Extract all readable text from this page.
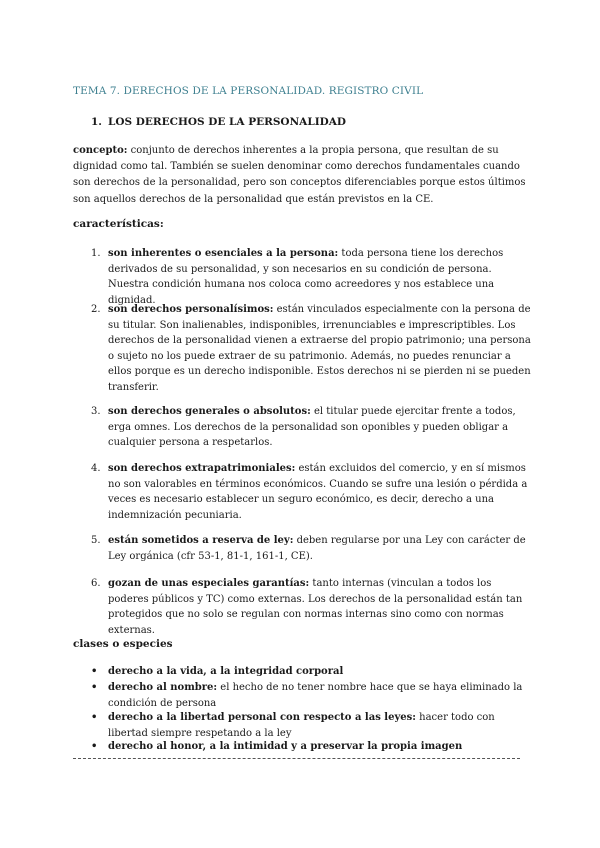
TEMA 7. DERECHOS DE LA PERSONALIDAD. REGISTRO CIVIL
1. LOS DERECHOS DE LA PERSONALIDAD

concepto: conjunto de derechos inherentes a la propia persona, que resultan de su dignidad como tal. También se suelen denominar como derechos fundamentales cuando son derechos de la personalidad, pero son conceptos diferenciables porque estos últimos son aquellos derechos de la personalidad que están previstos en la CE.

características:
1. son inherentes o esenciales a la persona: toda persona tiene los derechos derivados de su personalidad, y son necesarios en su condición de persona. Nuestra condición humana nos coloca como acreedores y nos establece una dignidad.
2. son derechos personalísimos: están vinculados especialmente con la persona de su titular. Son inalienables, indisponibles, irrenunciables e imprescriptibles. Los derechos de la personalidad vienen a extraerse del propio patrimonio; una persona o sujeto no los puede extraer de su patrimonio. Además, no puedes renunciar a ellos porque es un derecho indisponible. Estos derechos ni se pierden ni se pueden transferir.
3. son derechos generales o absolutos: el titular puede ejercitar frente a todos, erga omnes. Los derechos de la personalidad son oponibles y pueden obligar a cualquier persona a respetarlos.
4. son derechos extrapatrimoniales: están excluidos del comercio, y en sí mismos no son valorables en términos económicos. Cuando se sufre una lesión o pérdida a veces es necesario establecer un seguro económico, es decir, derecho a una indemnización pecuniaria.
5. están sometidos a reserva de ley: deben regularse por una Ley con carácter de Ley orgánica (cfr 53-1, 81-1, 161-1, CE).
6. gozan de unas especiales garantías: tanto internas (vinculan a todos los poderes públicos y TC) como externas. Los derechos de la personalidad están tan protegidos que no solo se regulan con normas internas sino como con normas externas.
clases o especies
•	derecho a la vida, a la integridad corporal
•	derecho al nombre: el hecho de no tener nombre hace que se haya eliminado la condición de persona
•	derecho a la libertad personal con respecto a las leyes: hacer todo con libertad siempre respetando a la ley
•	derecho al honor, a la intimidad y a preservar la propia imagen
